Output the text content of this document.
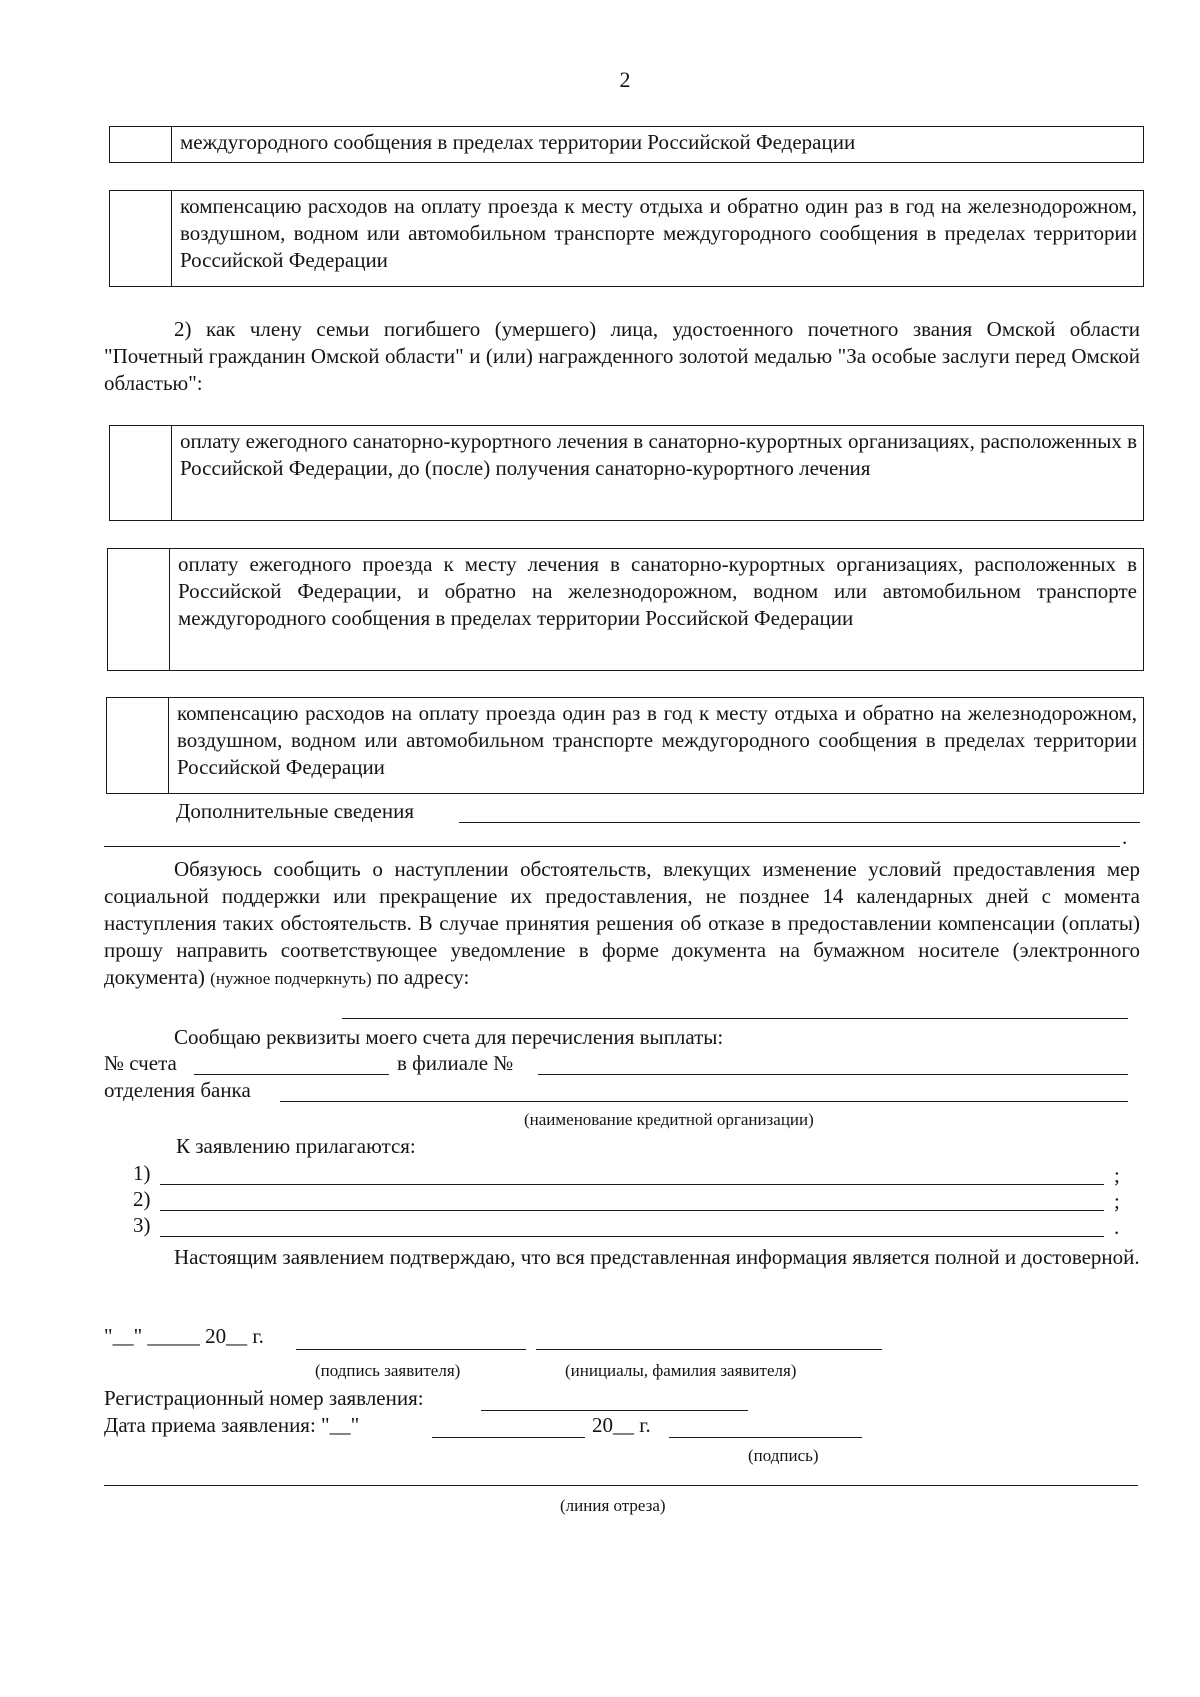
2
междугородного сообщения в пределах территории Российской Федерации
компенсацию расходов на оплату проезда к месту отдыха и обратно один раз в год на железнодорожном, воздушном, водном или автомобильном транспорте междугородного сообщения в пределах территории Российской Федерации
2) как члену семьи погибшего (умершего) лица, удостоенного почетного звания Омской области "Почетный гражданин Омской области" и (или) награжденного золотой медалью "За особые заслуги перед Омской областью":
оплату ежегодного санаторно-курортного лечения в санаторно-курортных организациях, расположенных в Российской Федерации, до (после) получения санаторно-курортного лечения
оплату ежегодного проезда к месту лечения в санаторно-курортных организациях, расположенных в Российской Федерации, и обратно на железнодорожном, водном или автомобильном транспорте междугородного сообщения в пределах территории Российской Федерации
компенсацию расходов на оплату проезда один раз в год к месту отдыха и обратно на железнодорожном, воздушном, водном или автомобильном транспорте междугородного сообщения в пределах территории Российской Федерации
Дополнительные сведения
.
Обязуюсь сообщить о наступлении обстоятельств, влекущих изменение условий предоставления мер социальной поддержки или прекращение их предоставления, не позднее 14 календарных дней с момента наступления таких обстоятельств. В случае принятия решения об отказе в предоставлении компенсации (оплаты) прошу направить соответствующее уведомление в форме документа на бумажном носителе (электронного документа) (нужное подчеркнуть) по адресу:
Сообщаю реквизиты моего счета для перечисления выплаты:
№ счета	в филиале №
отделения банка
(наименование кредитной организации)
К заявлению прилагаются:
1)	;
2)	;
3)	.
Настоящим заявлением подтверждаю, что вся представленная информация является полной и достоверной.
"__" _____ 20__ г.
(подпись заявителя)	(инициалы, фамилия заявителя)
Регистрационный номер заявления:
Дата приема заявления: "__"	20__ г.
(подпись)
(линия отреза)
